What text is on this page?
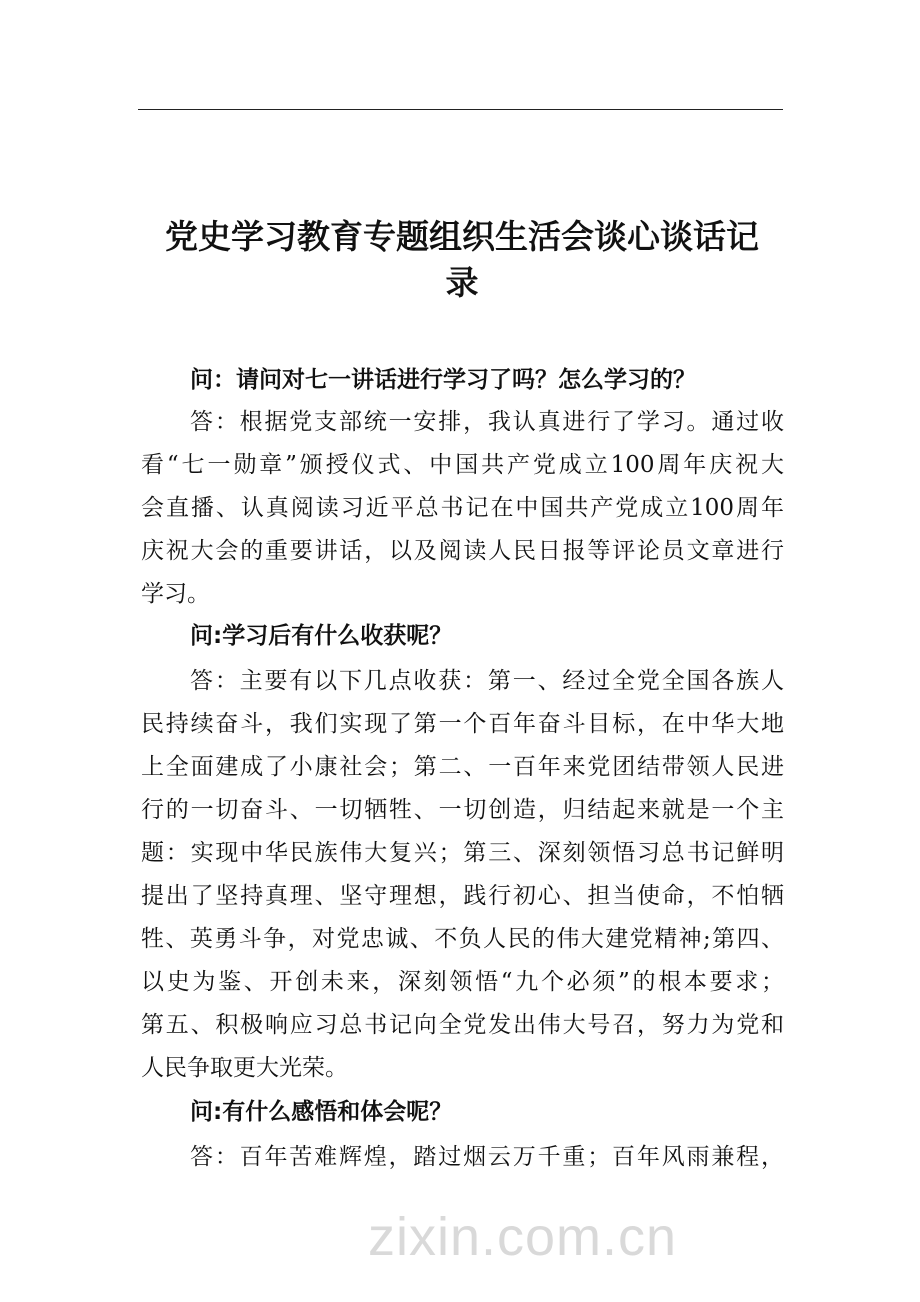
党史学习教育专题组织生活会谈心谈话记
录
问：请问对七一讲话进行学习了吗？怎么学习的？
答：根据党支部统一安排，我认真进行了学习。通过收
看“七一勋章”颁授仪式、中国共产党成立100周年庆祝大
会直播、认真阅读习近平总书记在中国共产党成立100周年
庆祝大会的重要讲话，以及阅读人民日报等评论员文章进行
学习。
问:学习后有什么收获呢？
答：主要有以下几点收获：第一、经过全党全国各族人
民持续奋斗，我们实现了第一个百年奋斗目标，在中华大地
上全面建成了小康社会；第二、一百年来党团结带领人民进
行的一切奋斗、一切牺牲、一切创造，归结起来就是一个主
题：实现中华民族伟大复兴；第三、深刻领悟习总书记鲜明
提出了坚持真理、坚守理想，践行初心、担当使命，不怕牺
牲、英勇斗争，对党忠诚、不负人民的伟大建党精神;第四、
以史为鉴、开创未来，深刻领悟“九个必须”的根本要求；
第五、积极响应习总书记向全党发出伟大号召，努力为党和
人民争取更大光荣。
问:有什么感悟和体会呢？
答：百年苦难辉煌，踏过烟云万千重；百年风雨兼程，
zixin.com.cn
